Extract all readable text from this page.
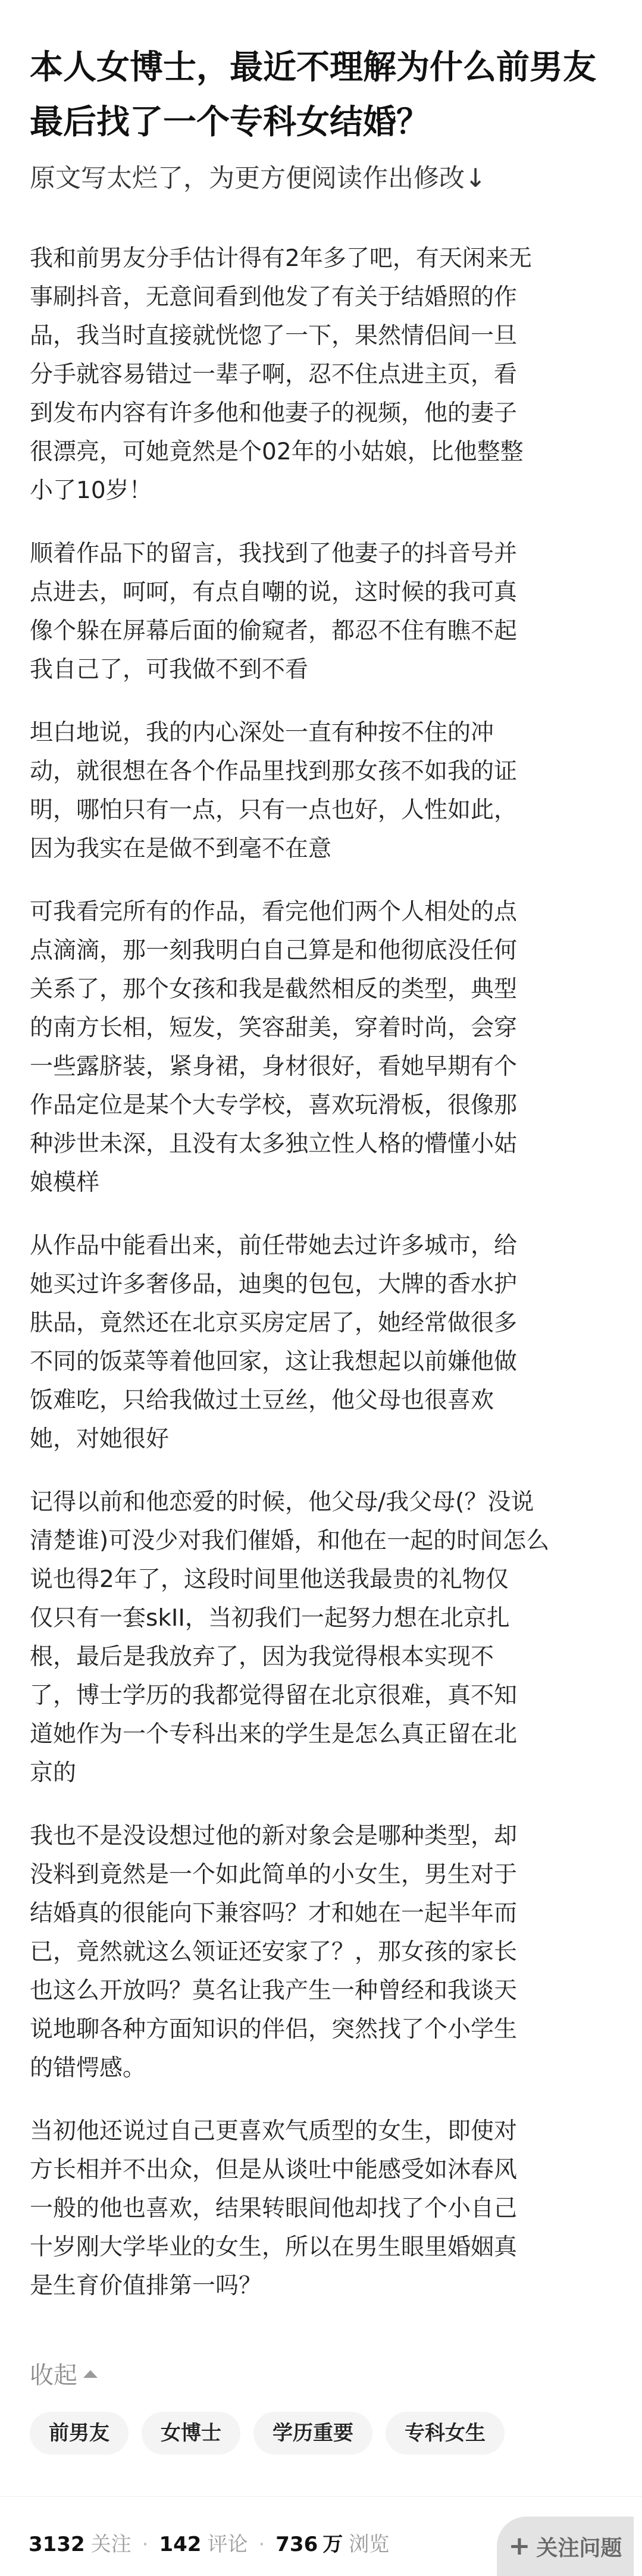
本人女博士，最近不理解为什么前男友最后找了一个专科女结婚？
原文写太烂了，为更方便阅读作出修改↓
我和前男友分手估计得有2年多了吧，有天闲来无
事刷抖音，无意间看到他发了有关于结婚照的作
品，我当时直接就恍惚了一下，果然情侣间一旦
分手就容易错过一辈子啊，忍不住点进主页，看
到发布内容有许多他和他妻子的视频，他的妻子
很漂亮，可她竟然是个02年的小姑娘，比他整整
小了10岁！
顺着作品下的留言，我找到了他妻子的抖音号并
点进去，呵呵，有点自嘲的说，这时候的我可真
像个躲在屏幕后面的偷窥者，都忍不住有瞧不起
我自己了，可我做不到不看
坦白地说，我的内心深处一直有种按不住的冲
动，就很想在各个作品里找到那女孩不如我的证
明，哪怕只有一点，只有一点也好，人性如此，
因为我实在是做不到毫不在意
可我看完所有的作品，看完他们两个人相处的点
点滴滴，那一刻我明白自己算是和他彻底没任何
关系了，那个女孩和我是截然相反的类型，典型
的南方长相，短发，笑容甜美，穿着时尚，会穿
一些露脐装，紧身裙，身材很好，看她早期有个
作品定位是某个大专学校，喜欢玩滑板，很像那
种涉世未深，且没有太多独立性人格的懵懂小姑
娘模样
从作品中能看出来，前任带她去过许多城市，给
她买过许多奢侈品，迪奥的包包，大牌的香水护
肤品，竟然还在北京买房定居了，她经常做很多
不同的饭菜等着他回家，这让我想起以前嫌他做
饭难吃，只给我做过土豆丝，他父母也很喜欢
她，对她很好
记得以前和他恋爱的时候，他父母/我父母(？没说
清楚谁)可没少对我们催婚，和他在一起的时间怎么
说也得2年了，这段时间里他送我最贵的礼物仅
仅只有一套skII，当初我们一起努力想在北京扎
根，最后是我放弃了，因为我觉得根本实现不
了，博士学历的我都觉得留在北京很难，真不知
道她作为一个专科出来的学生是怎么真正留在北
京的
我也不是没设想过他的新对象会是哪种类型，却
没料到竟然是一个如此简单的小女生，男生对于
结婚真的很能向下兼容吗？才和她在一起半年而
已，竟然就这么领证还安家了？，那女孩的家长
也这么开放吗？莫名让我产生一种曾经和我谈天
说地聊各种方面知识的伴侣，突然找了个小学生
的错愕感。
当初他还说过自己更喜欢气质型的女生，即使对
方长相并不出众，但是从谈吐中能感受如沐春风
一般的他也喜欢，结果转眼间他却找了个小自己
十岁刚大学毕业的女生，所以在男生眼里婚姻真
是生育价值排第一吗？
收起
前男友	女博士	学历重要	专科女生
3132 关注 · 142 评论 · 736 万 浏览	+ 关注问题
